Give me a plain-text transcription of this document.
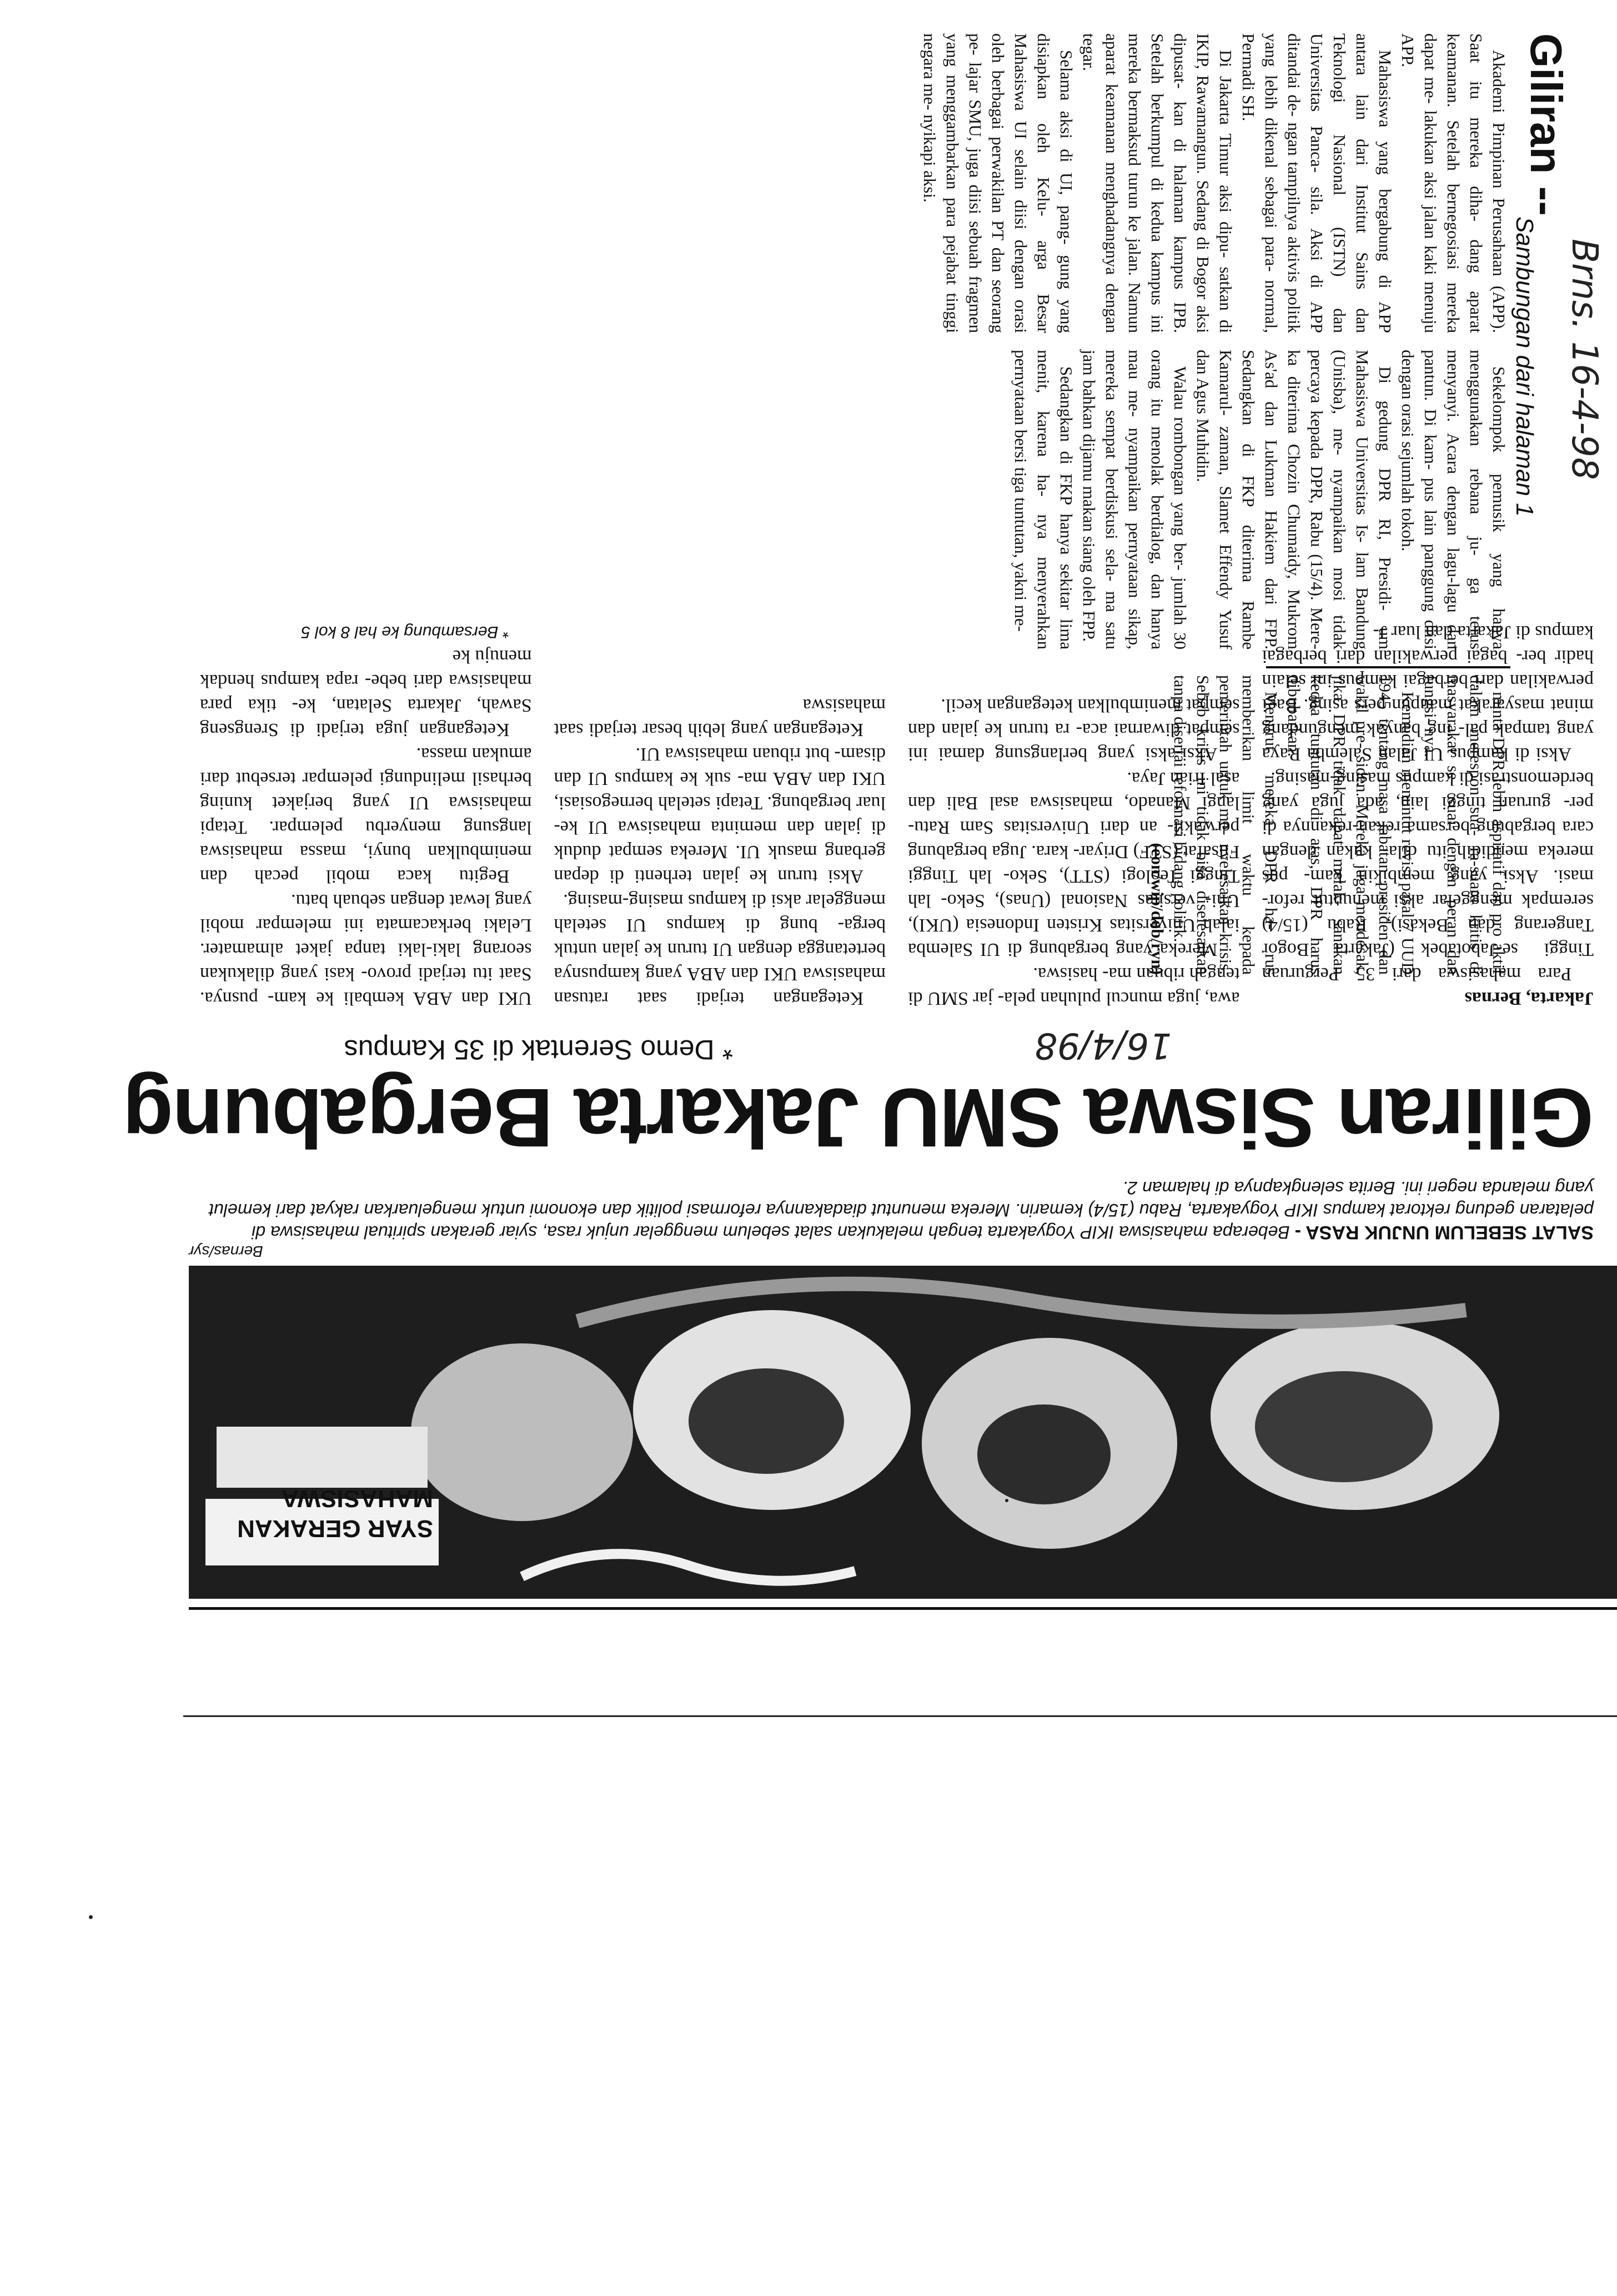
Giliran --
Brns. 16-4-98
Sambungan dari halaman 1

Akademi Pimpinan Perusahaan (APP). Saat itu mereka diha- dang aparat keamanan. Setelah bernegosiasi mereka dapat me- lakukan aksi jalan kaki menuju APP.

Mahasiswa yang bergabung di APP antara lain dari Institut Sains dan Teknologi Nasional (ISTN) dan Universitas Panca- sila. Aksi di APP ditandai de- ngan tampilnya aktivis politik yang lebih dikenal sebagai para- normal, Permadi SH.

Di Jakarta Timur aksi dipu- satkan di IKIP, Rawamangun. Sedang di Bogor aksi dipusat- kan di halaman kampus IPB. Setelah berkumpul di kedua kampus ini mereka bermaksud turun ke jalan. Namun aparat keamanan menghadangnya dengan tegar.

Selama aksi di UI, pang- gung yang disiapkan oleh Kelu- arga Besar Mahasiswa UI selain diisi dengan orasi oleh berbagai perwakilan PT dan seorang pe- lajar SMU, juga diisi sebuah fragmen yang menggambarkan para pejabat tinggi negara me- nyikapi aksi.

Sekelompok pemusik yang hanya menggunakan rebana ju- ga terus menyanyi. Acara dengan lagu-lagu dan pantun. Di kam- pus lain panggung diisi dengan orasi sejumlah tokoh.

Di gedung DPR RI, Presidi- um Mahasiswa Universitas Is- lam Bandung (Unisba), me- nyampaikan mosi tidak percaya kepada DPR, Rabu (15/4). Mere- ka diterima Chozin Chumaidy, Mukrom As'ad dan Lukman Hakiem dari FPP. Sedangkan di FKP diterima Rambe Kamarul- zaman, Slamet Effendy Yusuf dan Agus Muhidin.

Walau rombongan yang ber- jumlah 30 orang itu menolak berdialog, dan hanya mau me- nyampaikan pernyataan sikap, mereka sempat berdiskusi sela- ma satu jam bahkan dijamu makan siang oleh FPP.

Sedangkan di FKP hanya sekitar lima menit, karena ha- nya menyerahkan pernyataan bersi tiga tuntutan, yakni me-

minta DPR lebih aspiratif dan pro aktif dalam merespon sua- ra-suara kritis di masyarakat se- suai dengan peran dan fungsi- nya.

Kemudian menuntut revisi pasal 7 UUD 1945 tentang masa jabatan presiden dan wakil pre- siden. Mereka juga mendesak, jika DPR tidak dapat melak- sanakan kedua tuntutan di atas, DPR harus dibubarkan.

Menurut mereka DPR ha- rus memberikan limit waktu kepada pemerintah untuk me- nyelesaikan krisis. Sebab krisis ini tidak bisa diselesaikan tanpa disertai reformasi bidang politik.

(eon/wip/dob/ryn)

SYAR GERAKAN MAHASISWA
Bernas/syr
SALAT SEBELUM UNJUK RASA - Beberapa mahasiswa IKIP Yogyakarta tengah melakukan salat sebelum menggelar unjuk rasa, syiar gerakan spiritual mahasiswa di pelataran gedung rektorat kampus IKIP Yogyakarta, Rabu (15/4) kemarin. Mereka menuntut diadakannya reformasi politik dan ekonomi untuk mengeluarkan rakyat dari kemelut yang melanda negeri ini. Berita selengkapnya di halaman 2.
Giliran Siswa SMU Jakarta Bergabung
16/4/98
* Demo Serentak di 35 Kampus

Jakarta, Bernas

Para mahasiswa dari 35 Perguruan Tinggi se-Jabotabek (Jakarta Bogor Tangerang dan Bekasi), Rabu (15/4) serempak menggelar aksi menuntut refor- masi. Aksi yang membikin kam- pus mereka mendidih itu dila- kukan dengan cara bergabung bersama rekan-rekannya di per- guruan tinggi lain, ada juga yang berdemonstrasi di kampus masing-masing.

Aksi di kampus UI Jalan Salemba Raya yang tampak pal- ing banyak mengundang minat masyarakat maupun pers asing. Bagi perwakilan dari berbagai kampus ini selain hadir ber- bagai perwakilan dari berbagai kampus di Jakarta dan luar J-

awa, juga muncul puluhan pela- jar SMU di tengah ribuan ma- hasiswa.

Mereka yang bergabung di UI Salemba ialah Universitas Kristen Indonesia (UKI), Uni- versitas Nasional (Unas), Seko- lah Tinggi Teologi (STT), Seko- lah Tinggi Filsafat (STF) Driyar- kara. Juga bergabung perwakil- an dari Universitas Sam Ratu- langi Manado, mahasiswa asal Bali dan asal Irian Jaya.

Aksi-aksi yang berlangsung damai ini sempat diwarnai aca- ra turun ke jalan dan sempat menimbulkan ketegangan kecil.

Ketegangan terjadi saat ratusan mahasiswa UKI dan ABA yang kampusnya bertetangga dengan UI turun ke jalan untuk berga- bung di kampus UI setelah menggelar aksi di kampus masing-masing.

Aksi turun ke jalan terhenti di depan gerbang masuk UI. Mereka sempat duduk di jalan dan meminta mahasiswa UI ke- luar bergabung. Tetapi setelah bernegosiasi, UKI dan ABA ma- suk ke kampus UI dan disam- but ribuan mahasiswa UI.

Ketegangan yang lebih besar terjadi saat mahasiswa

UKI dan ABA kembali ke kam- pusnya. Saat itu terjadi provo- kasi yang dilakukan seorang laki-laki tanpa jaket almamater. Lelaki berkacamata ini melempar mobil yang lewat dengan sebuah batu.

Begitu kaca mobil pecah dan menimbulkan bunyi, massa mahasiswa langsung menyerbu pelempar. Tetapi mahasiswa UI yang berjaket kuning berhasil melindungi pelempar tersebut dari amukan massa.

Ketegangan juga terjadi di Srengseng Sawah, Jakarta Selatan, ke- tika para mahasiswa dari bebe- rapa kampus hendak menuju ke

* Bersambung ke hal 8 kol 5
